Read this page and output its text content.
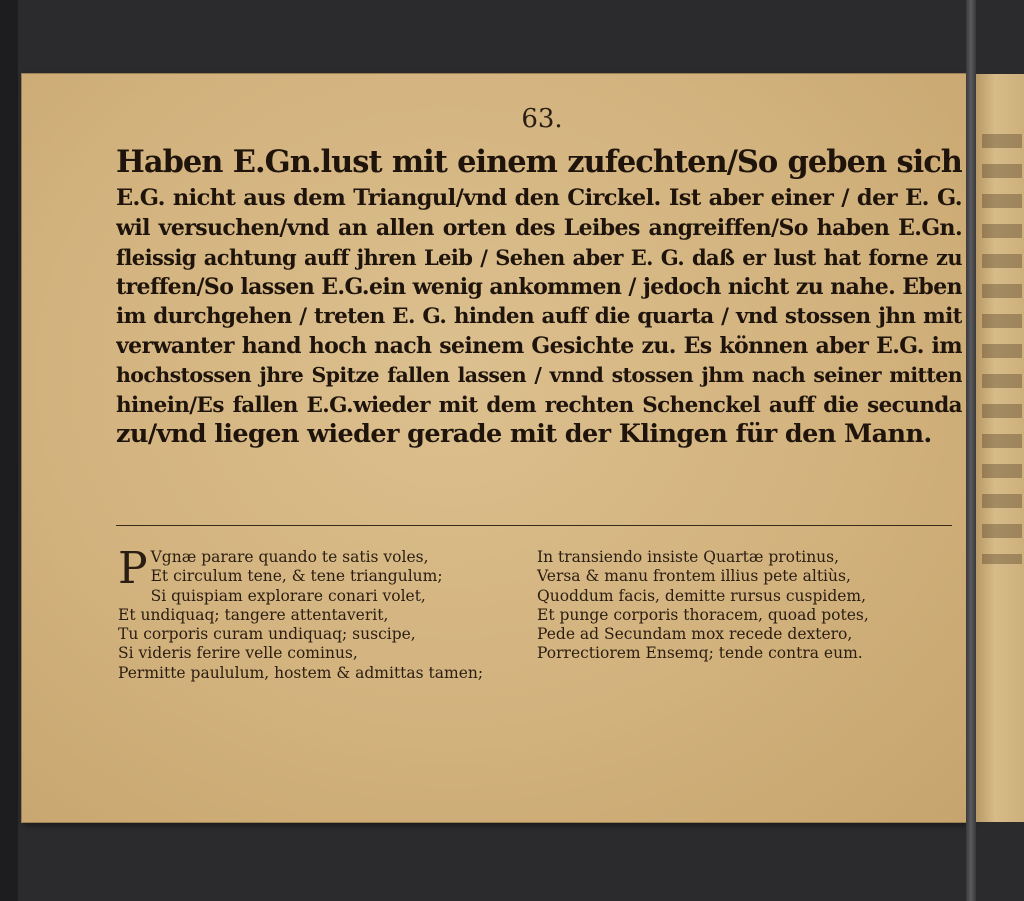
63.
Haben E.Gn.lust mit einem zufechten/So geben sich
E.G. nicht aus dem Triangul/vnd den Circkel. Ist aber einer / der E. G.
wil versuchen/vnd an allen orten des Leibes angreiffen/So haben E.Gn.
fleissig achtung auff jhren Leib / Sehen aber E. G. daß er lust hat forne zu
treffen/So lassen E.G.ein wenig ankommen / jedoch nicht zu nahe. Eben
im durchgehen / treten E. G. hinden auff die quarta / vnd stossen jhn mit
verwanter hand hoch nach seinem Gesichte zu. Es können aber E.G. im
hochstossen jhre Spitze fallen lassen / vnnd stossen jhm nach seiner mitten
hinein/Es fallen E.G.wieder mit dem rechten Schenckel auff die secunda
zu/vnd liegen wieder gerade mit der Klingen für den Mann.
P Vgnæ parare quando te satis voles,
Et circulum tene, & tene triangulum;
Si quispiam explorare conari volet,
Et undiquaq; tangere attentaverit,
Tu corporis curam undiquaq; suscipe,
Si videris ferire velle cominus,
Permitte paululum, hostem & admittas tamen;
In transiendo insiste Quartæ protinus,
Versa & manu frontem illius pete altiùs,
Quoddum facis, demitte rursus cuspidem,
Et punge corporis thoracem, quoad potes,
Pede ad Secundam mox recede dextero,
Porrectiorem Ensemq; tende contra eum.
